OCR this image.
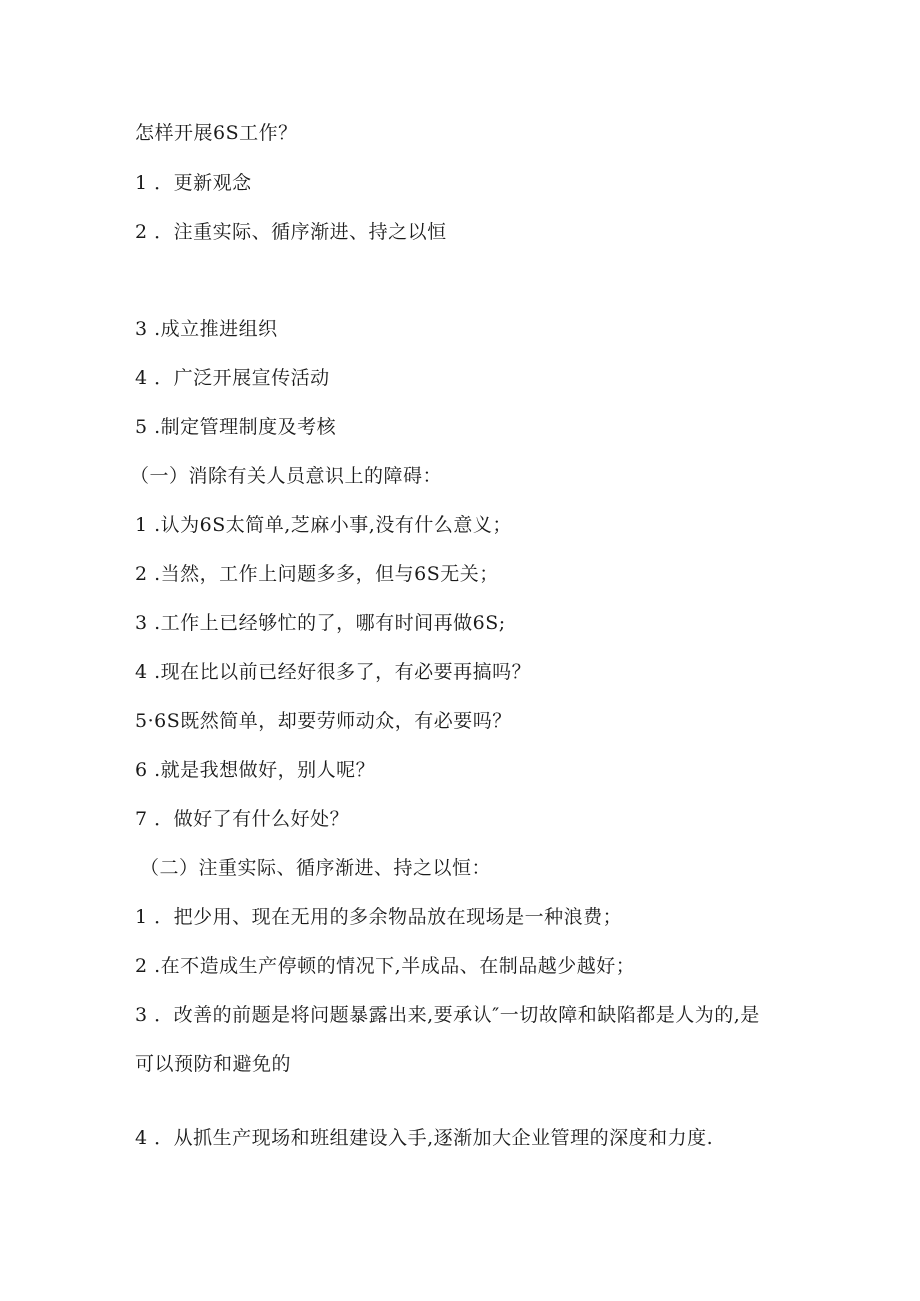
怎样开展6S工作？
1 ．更新观念
2 ．注重实际、循序渐进、持之以恒
3 .成立推进组织
4 ．广泛开展宣传活动
5 .制定管理制度及考核
（一）消除有关人员意识上的障碍：
1 .认为6S太简单,芝麻小事,没有什么意义；
2 .当然，工作上问题多多，但与6S无关；
3 .工作上已经够忙的了，哪有时间再做6S;
4 .现在比以前已经好很多了，有必要再搞吗？
5·6S既然简单，却要劳师动众，有必要吗？
6 .就是我想做好，别人呢？
7 ．做好了有什么好处？
（二）注重实际、循序渐进、持之以恒：
1 ．把少用、现在无用的多余物品放在现场是一种浪费；
2 .在不造成生产停顿的情况下,半成品、在制品越少越好；
3 ．改善的前题是将问题暴露出来,要承认″一切故障和缺陷都是人为的,是
可以预防和避免的
4 ．从抓生产现场和班组建设入手,逐渐加大企业管理的深度和力度.
